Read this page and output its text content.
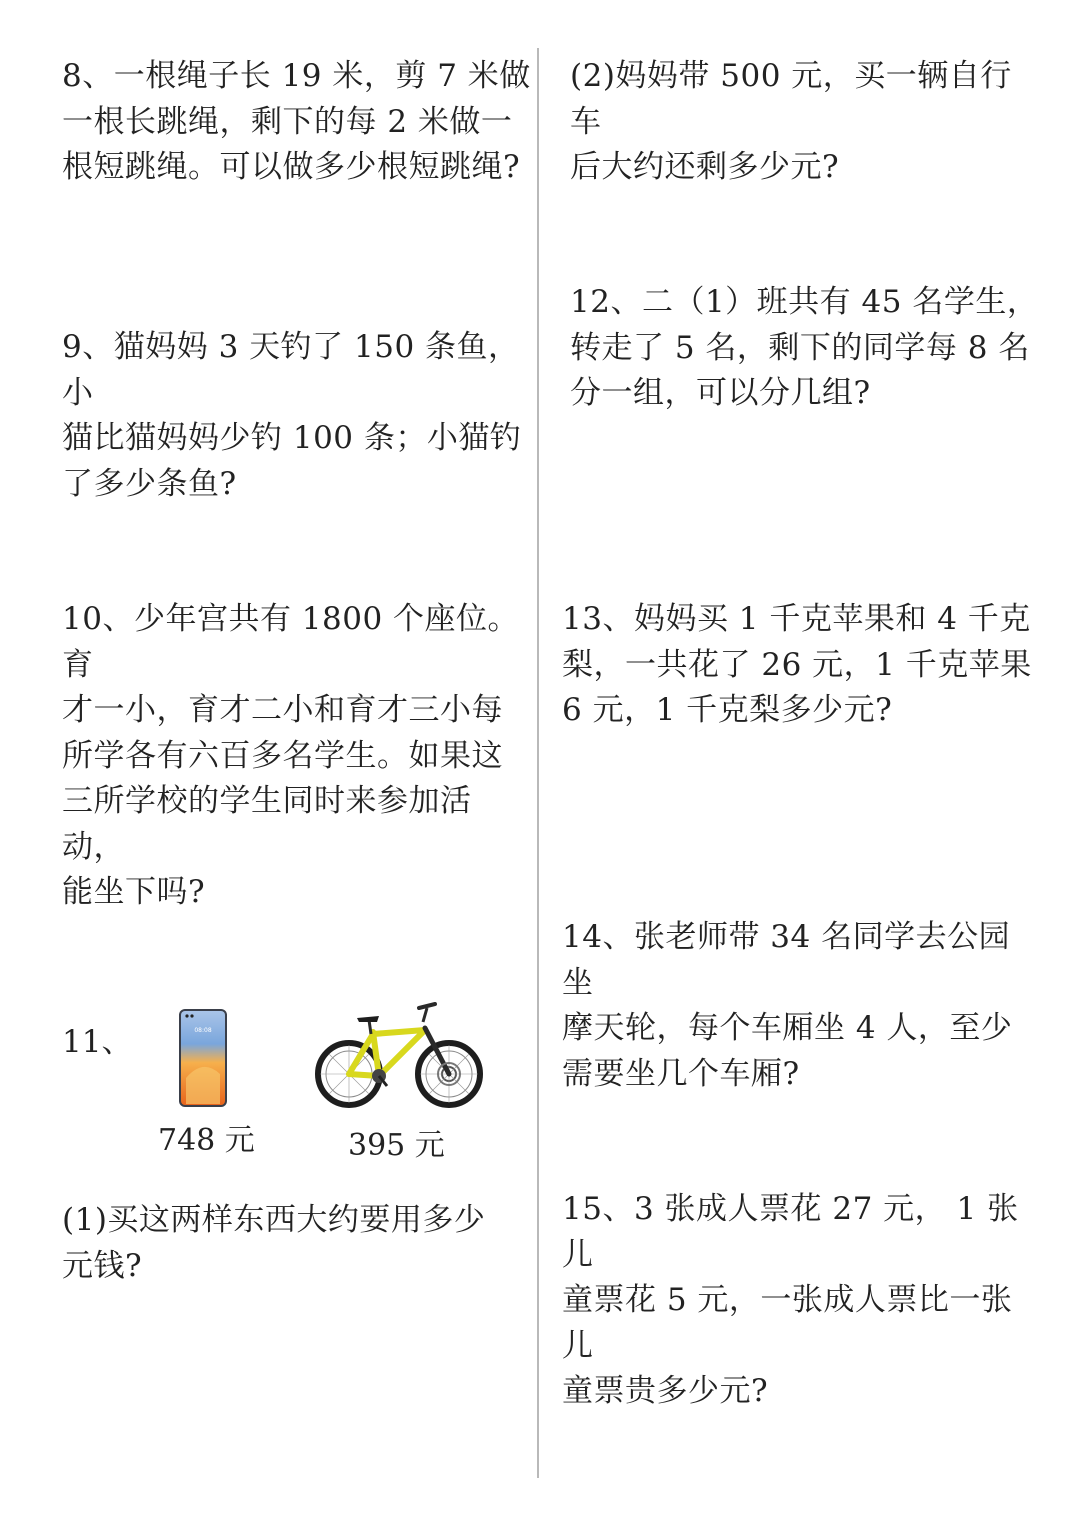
8、一根绳子长 19 米，剪 7 米做
一根长跳绳，剩下的每 2 米做一
根短跳绳。可以做多少根短跳绳?
9、猫妈妈 3 天钓了 150 条鱼，小
猫比猫妈妈少钓 100 条；小猫钓
了多少条鱼?
10、少年宫共有 1800 个座位。育
才一小，育才二小和育才三小每
所学各有六百多名学生。如果这
三所学校的学生同时来参加活动，
能坐下吗?
11、	08:08
748 元	395 元
(1)买这两样东西大约要用多少
元钱?
(2)妈妈带 500 元，买一辆自行车
后大约还剩多少元?
12、二（1）班共有 45 名学生，
转走了 5 名，剩下的同学每 8 名
分一组，可以分几组?
13、妈妈买 1 千克苹果和 4 千克
梨，一共花了 26 元，1 千克苹果
6 元，1 千克梨多少元?
14、张老师带 34 名同学去公园坐
摩天轮，每个车厢坐 4 人，至少
需要坐几个车厢?
15、3 张成人票花 27 元， 1 张儿
童票花 5 元，一张成人票比一张儿
童票贵多少元?
